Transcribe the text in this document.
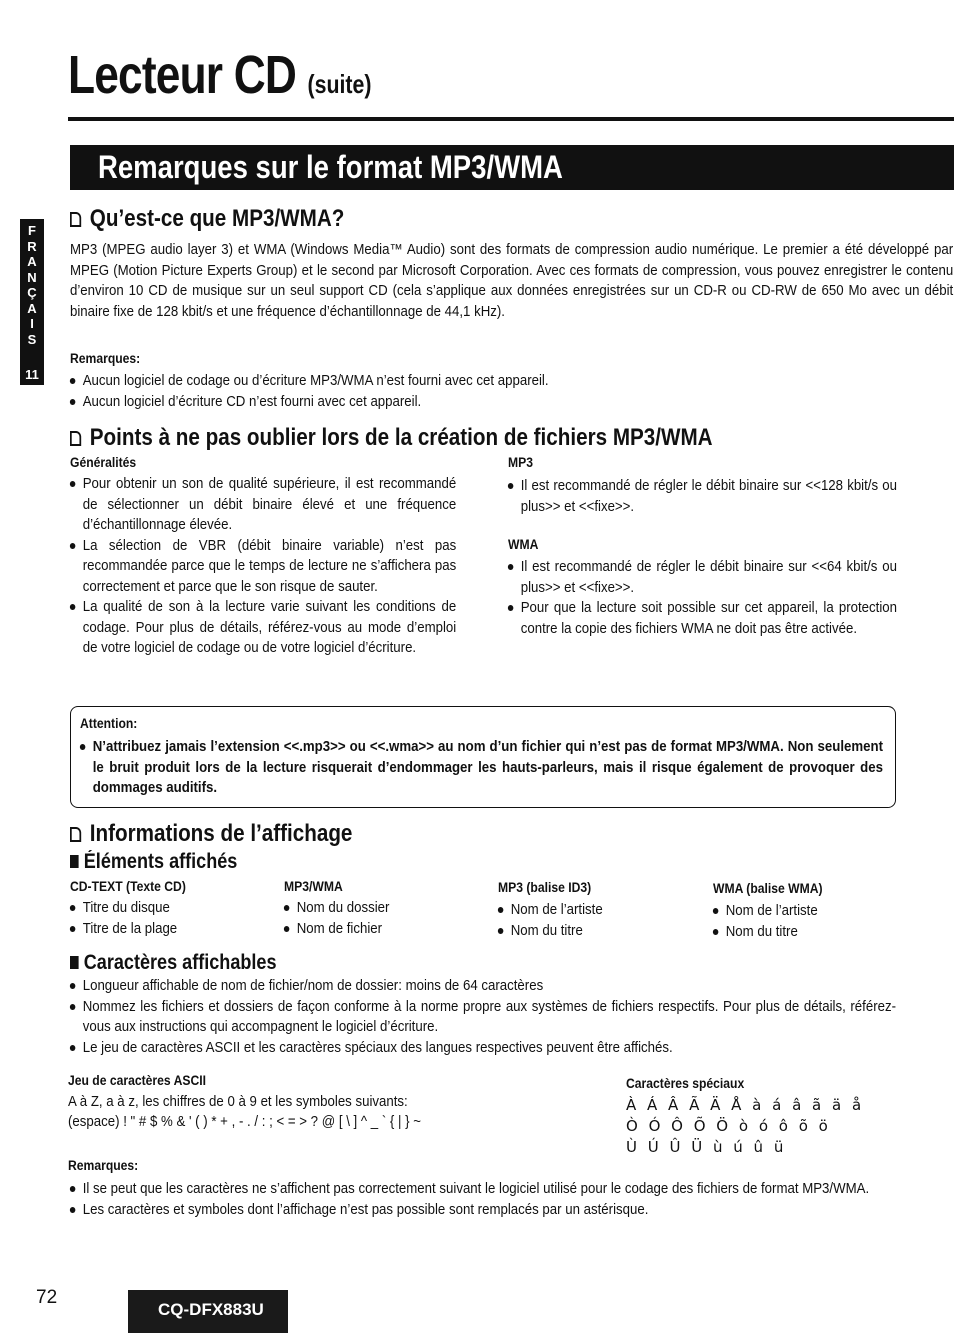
Lecteur CD (suite)
Remarques sur le format MP3/WMA
F
R
A
N
Ç
A
I
S
11
Qu’est-ce que MP3/WMA?
MP3 (MPEG audio layer 3) et WMA (Windows Media™ Audio) sont des formats de compression audio numérique. Le premier a été développé par MPEG (Motion Picture Experts Group) et le second par Microsoft Corporation. Avec ces formats de compression, vous pouvez enregistrer le contenu d’environ 10 CD de musique sur un seul support CD (cela s’applique aux données enregistrées sur un CD-R ou CD-RW de 650 Mo avec un débit binaire fixe de 128 kbit/s et une fréquence d’échantillonnage de 44,1 kHz).
Remarques:
Aucun logiciel de codage ou d’écriture MP3/WMA n’est fourni avec cet appareil.
Aucun logiciel d’écriture CD n’est fourni avec cet appareil.
Points à ne pas oublier lors de la création de fichiers MP3/WMA
Généralités
Pour obtenir un son de qualité supérieure, il est recommandé de sélectionner un débit binaire élevé et une fréquence d’échantillonnage élevée.
La sélection de VBR (débit binaire variable) n’est pas recommandée parce que le temps de lecture ne s’affichera pas correctement et parce que le son risque de sauter.
La qualité de son à la lecture varie suivant les conditions de codage. Pour plus de détails, référez-vous au mode d’emploi de votre logiciel de codage ou de votre logiciel d’écriture.
MP3
Il est recommandé de régler le débit binaire sur <<128 kbit/s ou plus>> et <<fixe>>.
WMA
Il est recommandé de régler le débit binaire sur <<64 kbit/s ou plus>> et <<fixe>>.
Pour que la lecture soit possible sur cet appareil, la protection contre la copie des fichiers WMA ne doit pas être activée.
Attention:
N’attribuez jamais l’extension <<.mp3>> ou <<.wma>> au nom d’un fichier qui n’est pas de format MP3/WMA. Non seulement le bruit produit lors de la lecture risquerait d’endommager les hauts-parleurs, mais il risque également de provoquer des dommages auditifs.
Informations de l’affichage
Éléments affichés
CD-TEXT (Texte CD)
Titre du disque
Titre de la plage
MP3/WMA
Nom du dossier
Nom de fichier
MP3 (balise ID3)
Nom de l’artiste
Nom du titre
WMA (balise WMA)
Nom de l’artiste
Nom du titre
Caractères affichables
Longueur affichable de nom de fichier/nom de dossier: moins de 64 caractères
Nommez les fichiers et dossiers de façon conforme à la norme propre aux systèmes de fichiers respectifs. Pour plus de détails, référez-vous aux instructions qui accompagnent le logiciel d’écriture.
Le jeu de caractères ASCII et les caractères spéciaux des langues respectives peuvent être affichés.
Jeu de caractères ASCII
A à Z, a à z, les chiffres de 0 à 9 et les symboles suivants:
(espace) ! " # $ % & ' ( ) * + , - . / : ; < = > ? @ [ \ ] ^ _ ` { | } ~
Caractères spéciaux
À Á Â Ã Ä Å à á â ã ä å
Ò Ó Ô Õ Ö ò ó ô õ ö
Ù Ú Û Ü ù ú û ü
Remarques:
Il se peut que les caractères ne s’affichent pas correctement suivant le logiciel utilisé pour le codage des fichiers de format MP3/WMA.
Les caractères et symboles dont l’affichage n’est pas possible sont remplacés par un astérisque.
72
CQ-DFX883U
